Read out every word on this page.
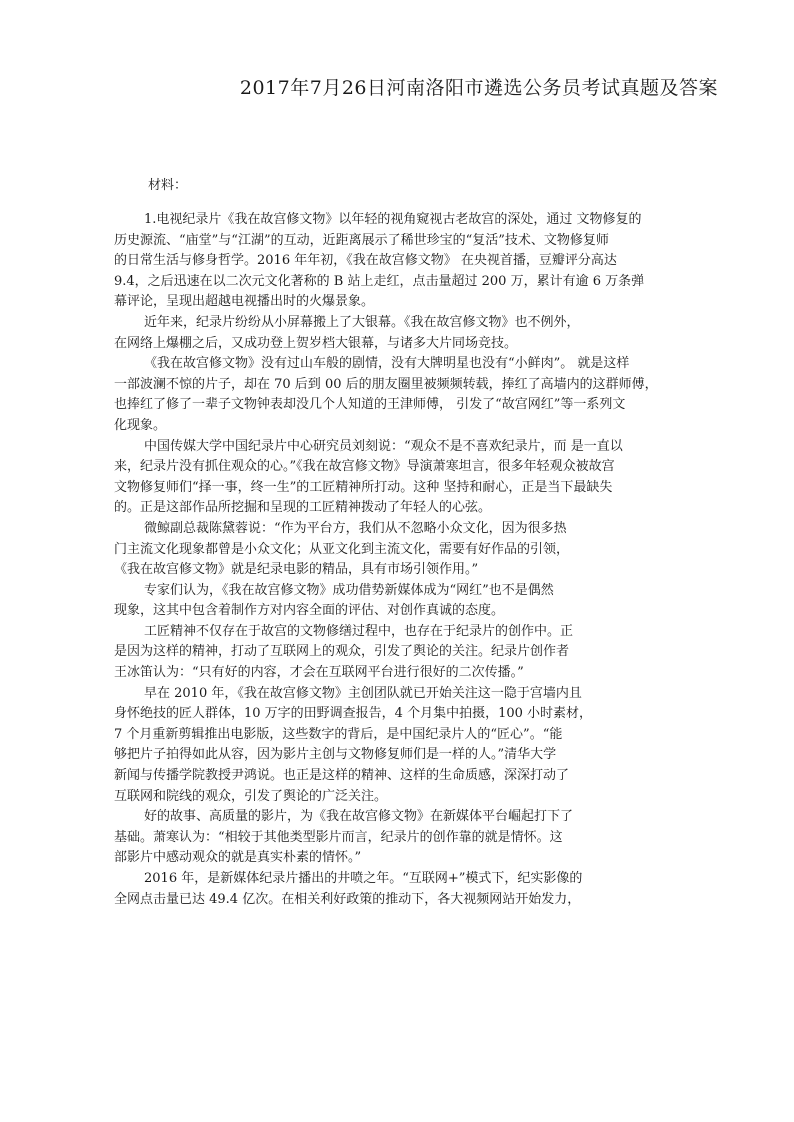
2017年7月26日河南洛阳市遴选公务员考试真题及答案
材料：

1.电视纪录片《我在故宫修文物》以年轻的视角窥视古老故宫的深处，通过 文物修复的
历史源流、“庙堂”与“江湖”的互动，近距离展示了稀世珍宝的“复活”技术、文物修复师
的日常生活与修身哲学。2016 年年初，《我在故宫修文物》 在央视首播，豆瓣评分高达
9.4，之后迅速在以二次元文化著称的 B 站上走红，点击量超过 200 万，累计有逾 6 万条弹
幕评论，呈现出超越电视播出时的火爆景象。

近年来，纪录片纷纷从小屏幕搬上了大银幕。《我在故宫修文物》也不例外，
在网络上爆棚之后，又成功登上贺岁档大银幕，与诸多大片同场竞技。

《我在故宫修文物》没有过山车般的剧情，没有大牌明星也没有“小鲜肉”。 就是这样
一部波澜不惊的片子，却在 70 后到 00 后的朋友圈里被频频转载，捧红了高墙内的这群师傅，
也捧红了修了一辈子文物钟表却没几个人知道的王津师傅， 引发了“故宫网红”等一系列文
化现象。

中国传媒大学中国纪录片中心研究员刘刻说：“观众不是不喜欢纪录片，而 是一直以
来，纪录片没有抓住观众的心。”《我在故宫修文物》导演萧寒坦言，很多年轻观众被故宫
文物修复师们“择一事，终一生”的工匠精神所打动。这种 坚持和耐心，正是当下最缺失
的。正是这部作品所挖掘和呈现的工匠精神拨动了年轻人的心弦。

微鲸副总裁陈黛蓉说：“作为平台方，我们从不忽略小众文化，因为很多热
门主流文化现象都曾是小众文化；从亚文化到主流文化，需要有好作品的引领，
《我在故宫修文物》就是纪录电影的精品，具有市场引领作用。”

专家们认为，《我在故宫修文物》成功借势新媒体成为“网红”也不是偶然
现象，这其中包含着制作方对内容全面的评估、对创作真诚的态度。

工匠精神不仅存在于故宫的文物修缮过程中，也存在于纪录片的创作中。正
是因为这样的精神，打动了互联网上的观众，引发了舆论的关注。纪录片创作者
王冰笛认为：“只有好的内容，才会在互联网平台进行很好的二次传播。”

早在 2010 年，《我在故宫修文物》主创团队就已开始关注这一隐于宫墙内且
身怀绝技的匠人群体，10 万字的田野调查报告，4 个月集中拍摄，100 小时素材，
7 个月重新剪辑推出电影版，这些数字的背后，是中国纪录片人的“匠心”。“能
够把片子拍得如此从容，因为影片主创与文物修复师们是一样的人。”清华大学
新闻与传播学院教授尹鸿说。也正是这样的精神、这样的生命质感，深深打动了
互联网和院线的观众，引发了舆论的广泛关注。

好的故事、高质量的影片，为《我在故宫修文物》在新媒体平台崛起打下了
基础。萧寒认为：“相较于其他类型影片而言，纪录片的创作靠的就是情怀。这
部影片中感动观众的就是真实朴素的情怀。”

2016 年，是新媒体纪录片播出的井喷之年。“互联网+”模式下，纪实影像的
全网点击量已达 49.4 亿次。在相关利好政策的推动下，各大视频网站开始发力，
